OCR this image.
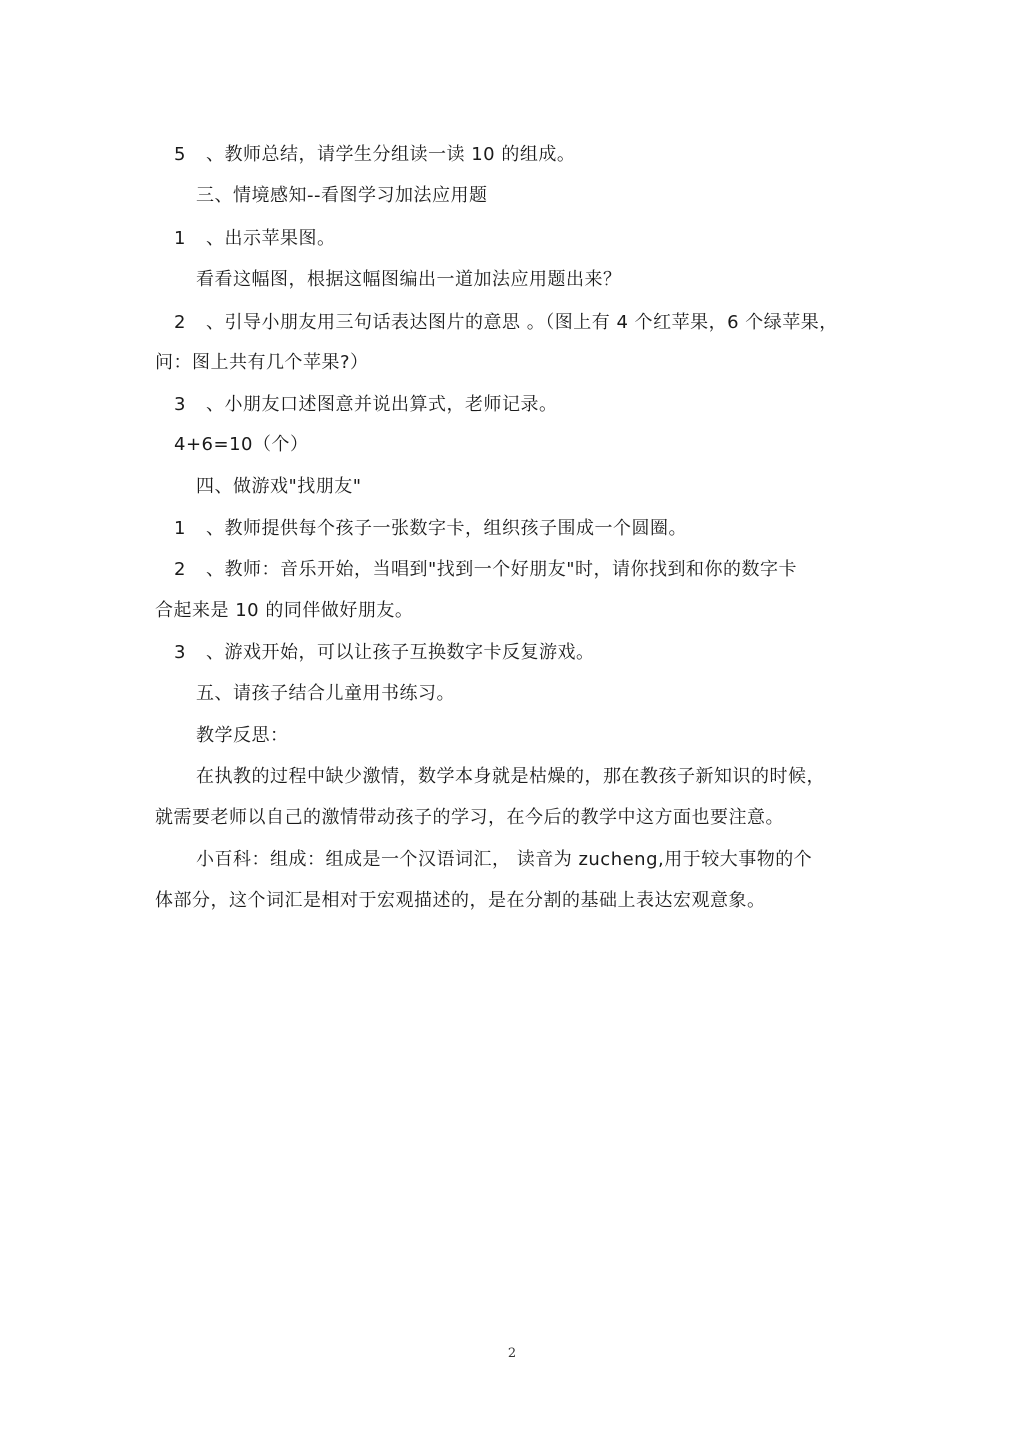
5 、教师总结，请学生分组读一读 10 的组成。
三、情境感知--看图学习加法应用题
1 、出示苹果图。
看看这幅图，根据这幅图编出一道加法应用题出来？
2 、引导小朋友用三句话表达图片的意思 。（图上有 4 个红苹果，6 个绿苹果，
问：图上共有几个苹果?）
3 、小朋友口述图意并说出算式，老师记录。
4+6=10（个）
四、做游戏"找朋友"
1 、教师提供每个孩子一张数字卡，组织孩子围成一个圆圈。
2 、教师：音乐开始，当唱到"找到一个好朋友"时，请你找到和你的数字卡
合起来是 10 的同伴做好朋友。
3 、游戏开始，可以让孩子互换数字卡反复游戏。
五、请孩子结合儿童用书练习。
教学反思：
在执教的过程中缺少激情，数学本身就是枯燥的，那在教孩子新知识的时候，
就需要老师以自己的激情带动孩子的学习，在今后的教学中这方面也要注意。
小百科：组成：组成是一个汉语词汇， 读音为 zucheng,用于较大事物的个
体部分，这个词汇是相对于宏观描述的，是在分割的基础上表达宏观意象。
2
